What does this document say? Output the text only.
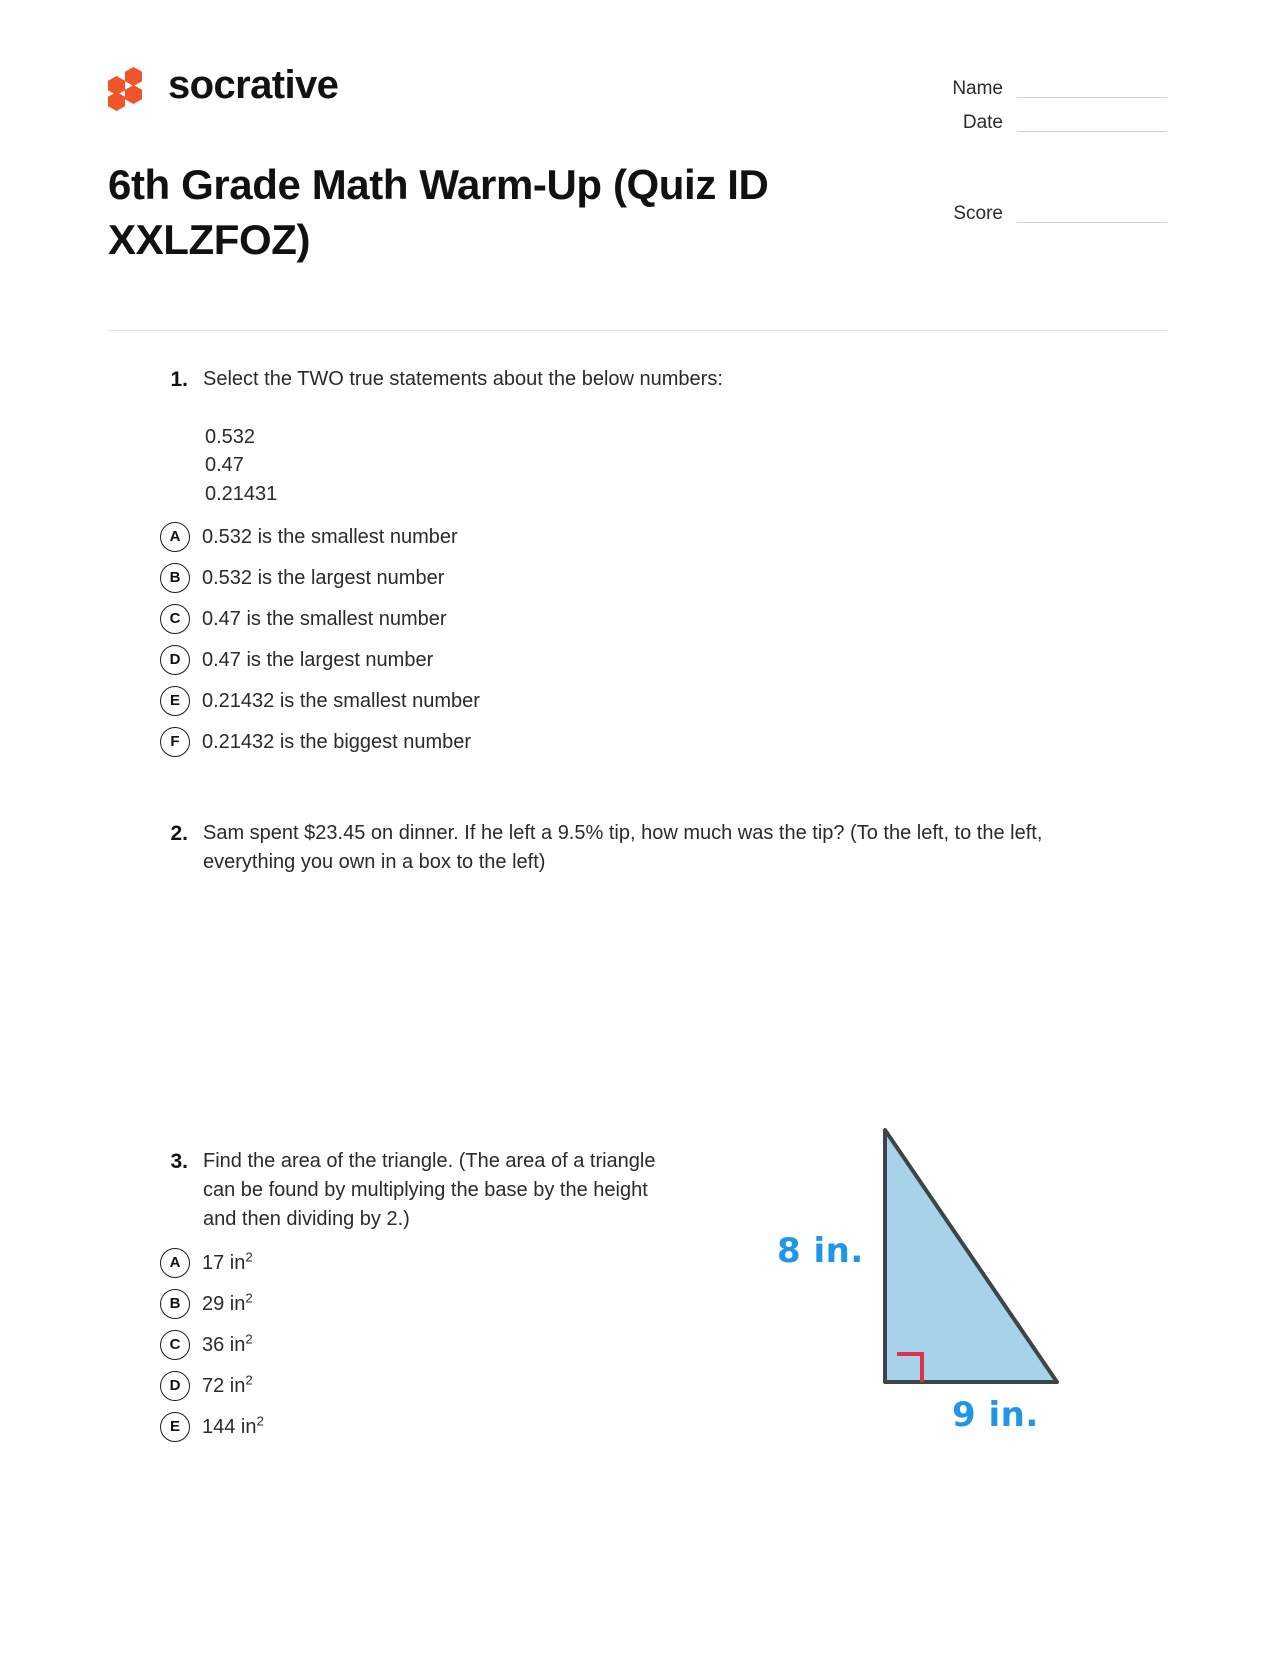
socrative
6th Grade Math Warm-Up (Quiz ID XXLZFOZ)
Name
Date
Score
1. Select the TWO true statements about the below numbers:
0.532
0.47
0.21431
A	0.532 is the smallest number
B	0.532 is the largest number
C	0.47 is the smallest number
D	0.47 is the largest number
E	0.21432 is the smallest number
F	0.21432 is the biggest number
2. Sam spent $23.45 on dinner. If he left a 9.5% tip, how much was the tip? (To the left, to the left, everything you own in a box to the left)
3. Find the area of the triangle. (The area of a triangle can be found by multiplying the base by the height and then dividing by 2.)
A	17 $in^2$
B	29 $in^2$
C	36 $in^2$
D	72 $in^2$
E	144 $in^2$
8 in.
9 in.
